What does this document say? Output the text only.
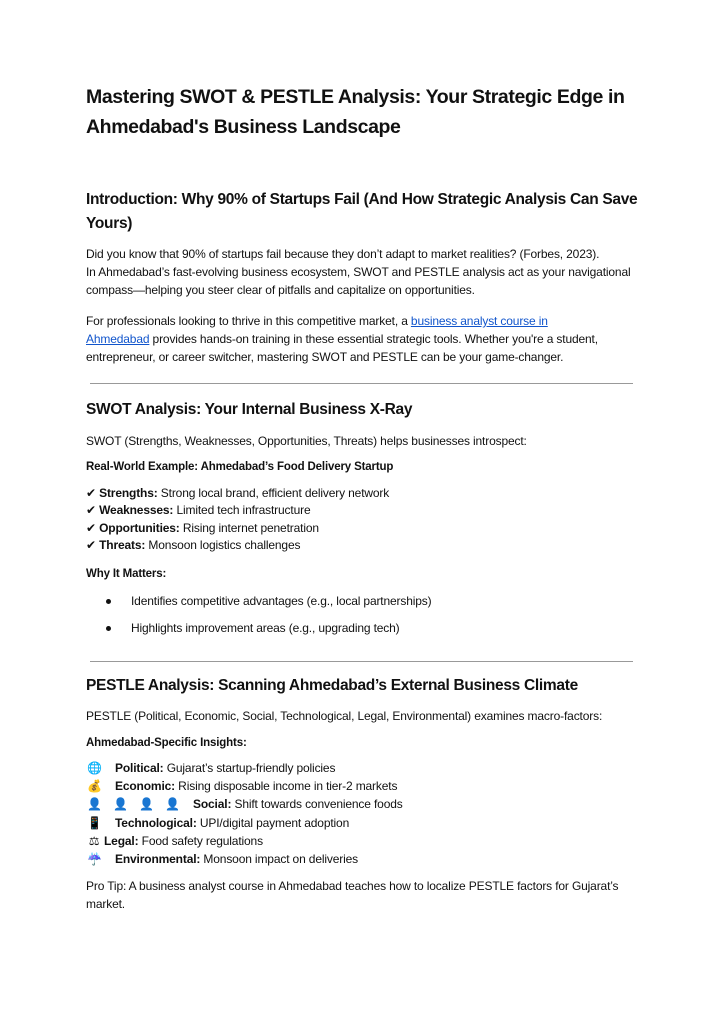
Mastering SWOT & PESTLE Analysis: Your Strategic Edge in
Ahmedabad's Business Landscape
Introduction: Why 90% of Startups Fail (And How Strategic Analysis Can Save
Yours)
Did you know that 90% of startups fail because they don’t adapt to market realities? (Forbes, 2023).
In Ahmedabad’s fast-evolving business ecosystem, SWOT and PESTLE analysis act as your navigational
compass—helping you steer clear of pitfalls and capitalize on opportunities.
For professionals looking to thrive in this competitive market, a business analyst course in
Ahmedabad provides hands-on training in these essential strategic tools. Whether you're a student,
entrepreneur, or career switcher, mastering SWOT and PESTLE can be your game-changer.
SWOT Analysis: Your Internal Business X-Ray
SWOT (Strengths, Weaknesses, Opportunities, Threats) helps businesses introspect:
Real-World Example: Ahmedabad’s Food Delivery Startup
✔ Strengths: Strong local brand, efficient delivery network
✔ Weaknesses: Limited tech infrastructure
✔ Opportunities: Rising internet penetration
✔ Threats: Monsoon logistics challenges
Why It Matters:
Identifies competitive advantages (e.g., local partnerships)
Highlights improvement areas (e.g., upgrading tech)
PESTLE Analysis: Scanning Ahmedabad’s External Business Climate
PESTLE (Political, Economic, Social, Technological, Legal, Environmental) examines macro-factors:
Ahmedabad-Specific Insights:
🌐 Political: Gujarat’s startup-friendly policies
💰 Economic: Rising disposable income in tier-2 markets
👤 👤 👤 👤 Social: Shift towards convenience foods
📱 Technological: UPI/digital payment adoption
⚖ Legal: Food safety regulations
☔ Environmental: Monsoon impact on deliveries
Pro Tip: A business analyst course in Ahmedabad teaches how to localize PESTLE factors for Gujarat’s
market.
